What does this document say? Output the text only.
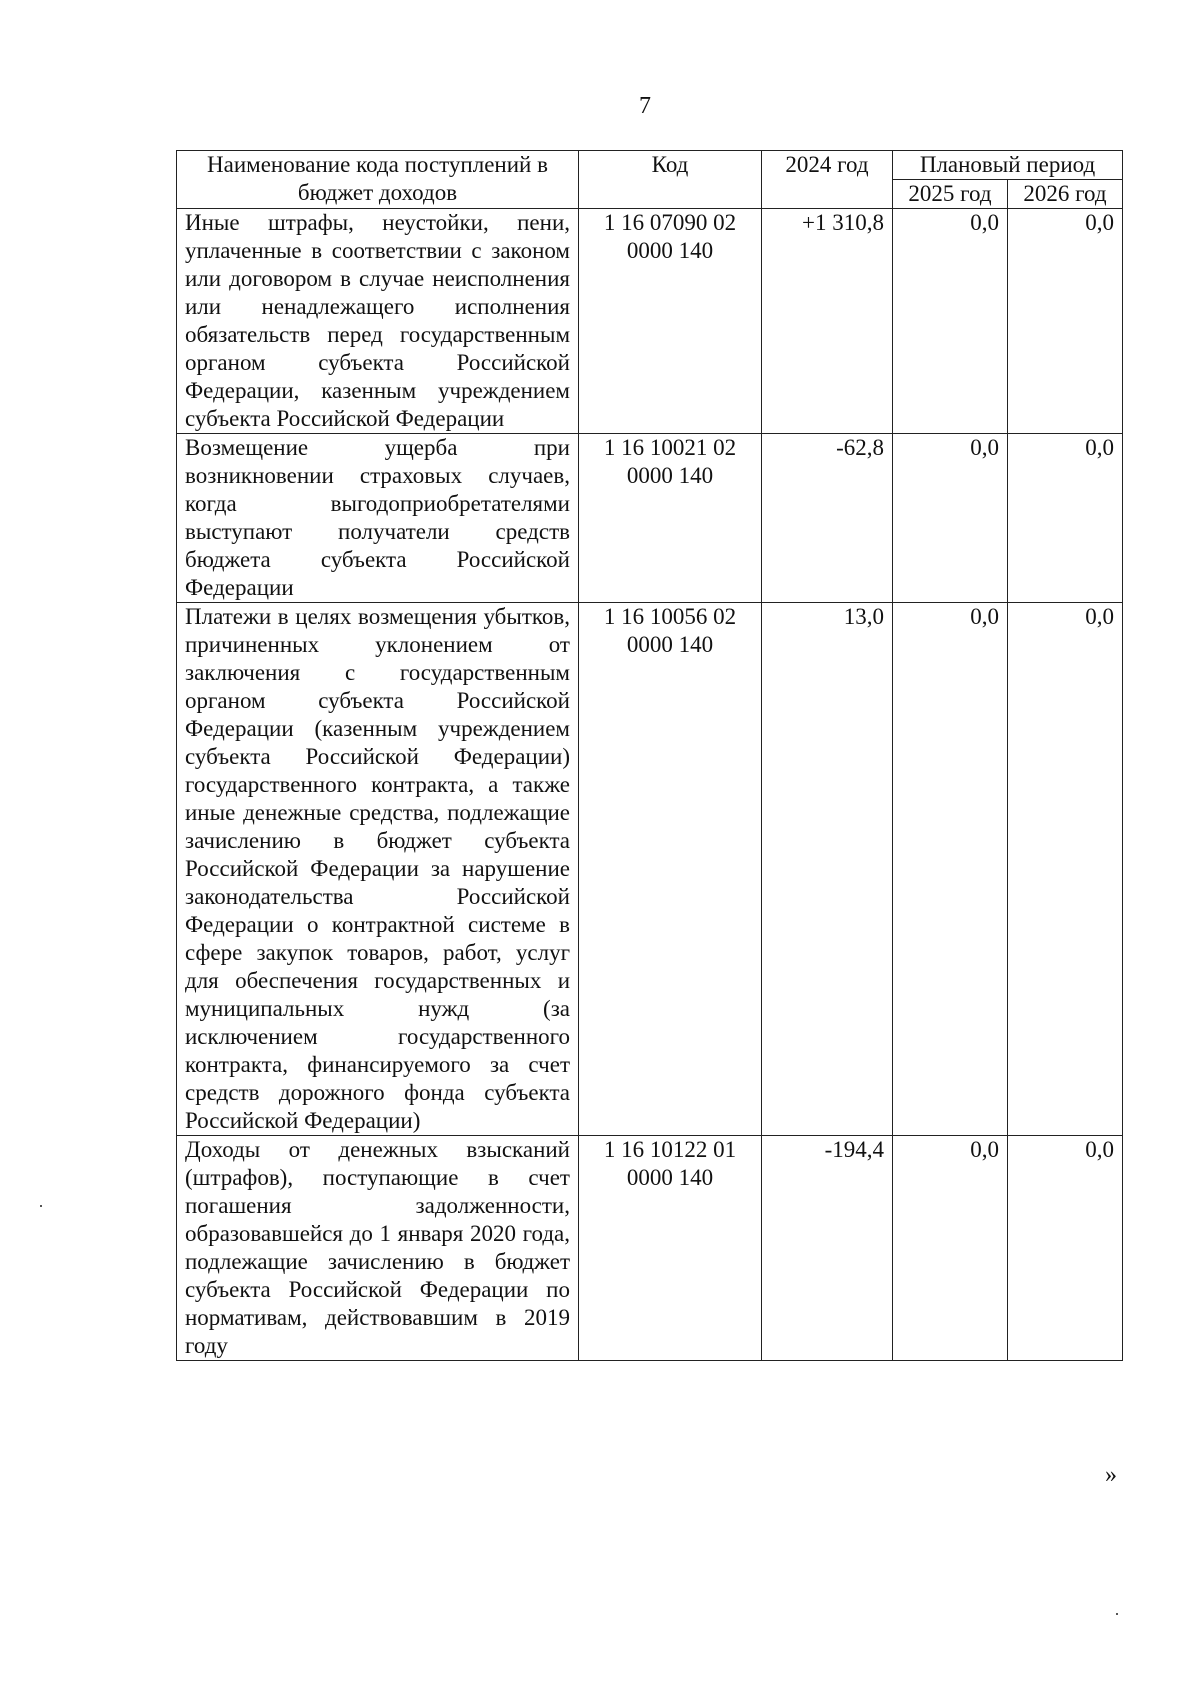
7
Наименование кода поступлений в бюджет доходов	Код	2024 год	Плановый период	
			2025 год	2026 год
Иные штрафы, неустойки, пени, уплаченные в соответствии с законом или договором в случае неисполнения или ненадлежащего исполнения обязательств перед государственным органом субъекта Российской Федерации, казенным учреждением субъекта Российской Федерации	1 16 07090 02 0000 140	+1 310,8	0,0	0,0
Возмещение ущерба при возникновении страховых случаев, когда выгодоприобретателями выступают получатели средств бюджета субъекта Российской Федерации	1 16 10021 02 0000 140	-62,8	0,0	0,0
Платежи в целях возмещения убытков, причиненных уклонением от заключения с государственным органом субъекта Российской Федерации (казенным учреждением субъекта Российской Федерации) государственного контракта, а также иные денежные средства, подлежащие зачислению в бюджет субъекта Российской Федерации за нарушение законодательства Российской Федерации о контрактной системе в сфере закупок товаров, работ, услуг для обеспечения государственных и муниципальных нужд (за исключением государственного контракта, финансируемого за счет средств дорожного фонда субъекта Российской Федерации)	1 16 10056 02 0000 140	13,0	0,0	0,0
Доходы от денежных взысканий (штрафов), поступающие в счет погашения задолженности, образовавшейся до 1 января 2020 года, подлежащие зачислению в бюджет субъекта Российской Федерации по нормативам, действовавшим в 2019 году	1 16 10122 01 0000 140	-194,4	0,0	0,0
»
